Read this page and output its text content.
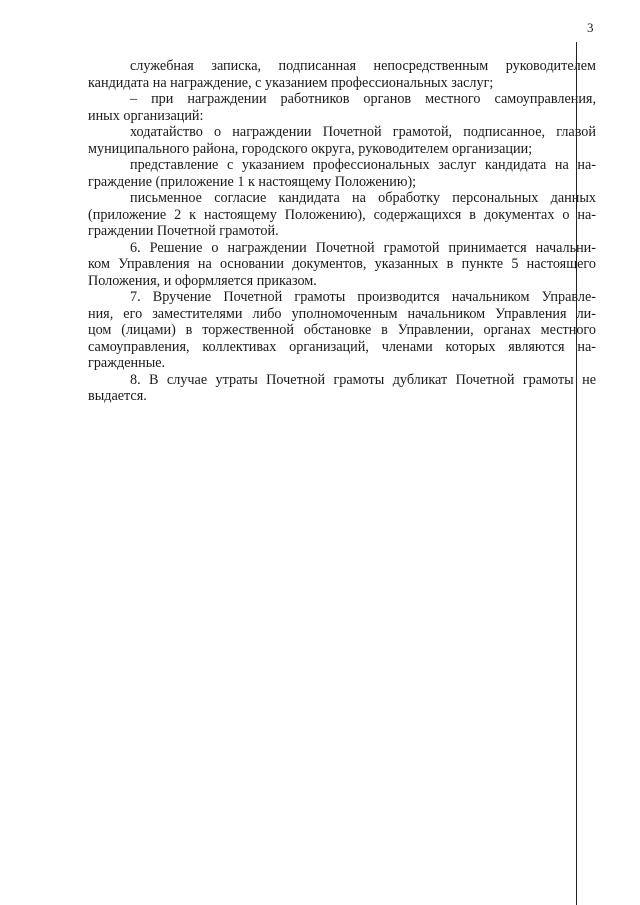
3
служебная записка, подписанная непосредственным руководителем
кандидата на награждение, с указанием профессиональных заслуг;
– при награждении работников органов местного самоуправления,
иных организаций:
ходатайство о награждении Почетной грамотой, подписанное, главой
муниципального района, городского округа, руководителем организации;
представление с указанием профессиональных заслуг кандидата на на-
граждение (приложение 1 к настоящему Положению);
письменное согласие кандидата на обработку персональных данных
(приложение 2 к настоящему Положению), содержащихся в документах о на-
граждении Почетной грамотой.
6. Решение о награждении Почетной грамотой принимается начальни-
ком Управления на основании документов, указанных в пункте 5 настоящего
Положения, и оформляется приказом.
7. Вручение Почетной грамоты производится начальником Управле-
ния, его заместителями либо уполномоченным начальником Управления ли-
цом (лицами) в торжественной обстановке в Управлении, органах местного
самоуправления, коллективах организаций, членами которых являются на-
гражденные.
8. В случае утраты Почетной грамоты дубликат Почетной грамоты не
выдается.
